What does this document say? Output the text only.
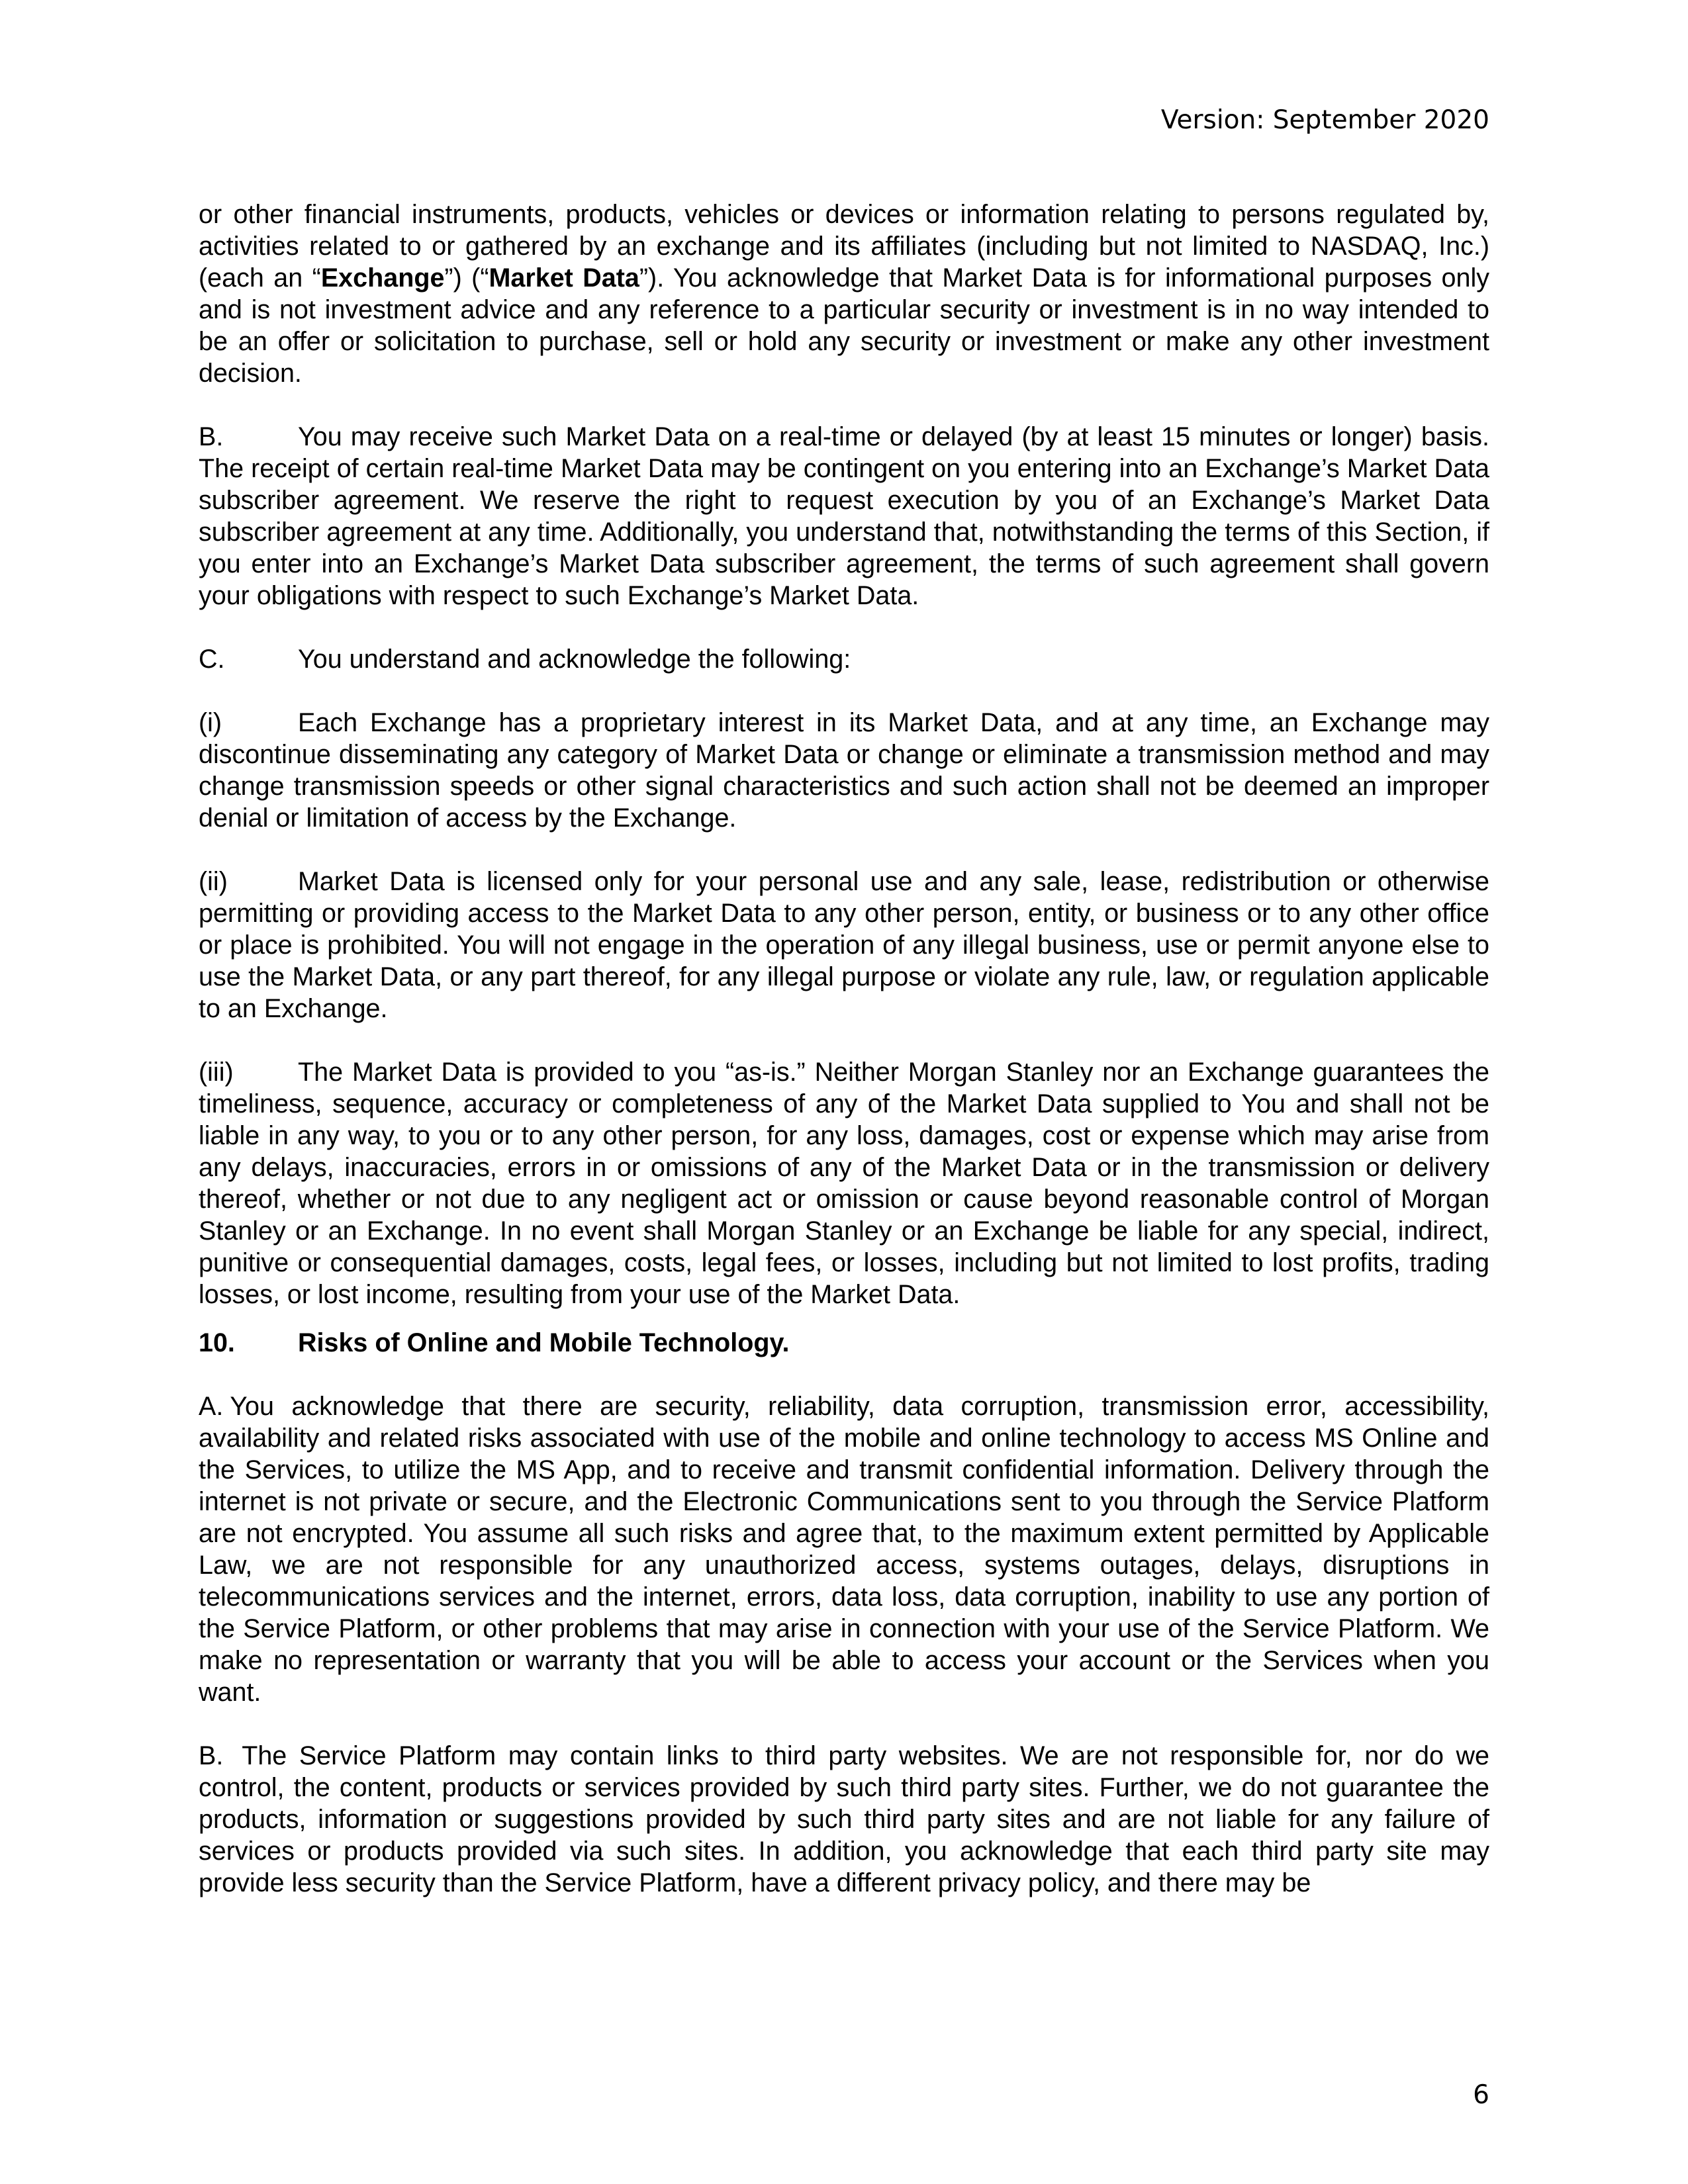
Version: September 2020

or other financial instruments, products, vehicles or devices or information relating to persons regulated by, activities related to or gathered by an exchange and its affiliates (including but not limited to NASDAQ, Inc.) (each an “Exchange”) (“Market Data”). You acknowledge that Market Data is for informational purposes only and is not investment advice and any reference to a particular security or investment is in no way intended to be an offer or solicitation to purchase, sell or hold any security or investment or make any other investment decision.

B.	You may receive such Market Data on a real-time or delayed (by at least 15 minutes or longer) basis. The receipt of certain real-time Market Data may be contingent on you entering into an Exchange’s Market Data subscriber agreement. We reserve the right to request execution by you of an Exchange’s Market Data subscriber agreement at any time. Additionally, you understand that, notwithstanding the terms of this Section, if you enter into an Exchange’s Market Data subscriber agreement, the terms of such agreement shall govern your obligations with respect to such Exchange’s Market Data.

C.	You understand and acknowledge the following:

(i)	Each Exchange has a proprietary interest in its Market Data, and at any time, an Exchange may discontinue disseminating any category of Market Data or change or eliminate a transmission method and may change transmission speeds or other signal characteristics and such action shall not be deemed an improper denial or limitation of access by the Exchange.

(ii)	Market Data is licensed only for your personal use and any sale, lease, redistribution or otherwise permitting or providing access to the Market Data to any other person, entity, or business or to any other office or place is prohibited. You will not engage in the operation of any illegal business, use or permit anyone else to use the Market Data, or any part thereof, for any illegal purpose or violate any rule, law, or regulation applicable to an Exchange.

(iii) The Market Data is provided to you “as-is.” Neither Morgan Stanley nor an Exchange guarantees the timeliness, sequence, accuracy or completeness of any of the Market Data supplied to You and shall not be liable in any way, to you or to any other person, for any loss, damages, cost or expense which may arise from any delays, inaccuracies, errors in or omissions of any of the Market Data or in the transmission or delivery thereof, whether or not due to any negligent act or omission or cause beyond reasonable control of Morgan Stanley or an Exchange. In no event shall Morgan Stanley or an Exchange be liable for any special, indirect, punitive or consequential damages, costs, legal fees, or losses, including but not limited to lost profits, trading losses, or lost income, resulting from your use of the Market Data.

10. Risks of Online and Mobile Technology.

A. You acknowledge that there are security, reliability, data corruption, transmission error, accessibility, availability and related risks associated with use of the mobile and online technology to access MS Online and the Services, to utilize the MS App, and to receive and transmit confidential information. Delivery through the internet is not private or secure, and the Electronic Communications sent to you through the Service Platform are not encrypted. You assume all such risks and agree that, to the maximum extent permitted by Applicable Law, we are not responsible for any unauthorized access, systems outages, delays, disruptions in telecommunications services and the internet, errors, data loss, data corruption, inability to use any portion of the Service Platform, or other problems that may arise in connection with your use of the Service Platform. We make no representation or warranty that you will be able to access your account or the Services when you want.

B. The Service Platform may contain links to third party websites. We are not responsible for, nor do we control, the content, products or services provided by such third party sites. Further, we do not guarantee the products, information or suggestions provided by such third party sites and are not liable for any failure of services or products provided via such sites. In addition, you acknowledge that each third party site may provide less security than the Service Platform, have a different privacy policy, and there may be

6
